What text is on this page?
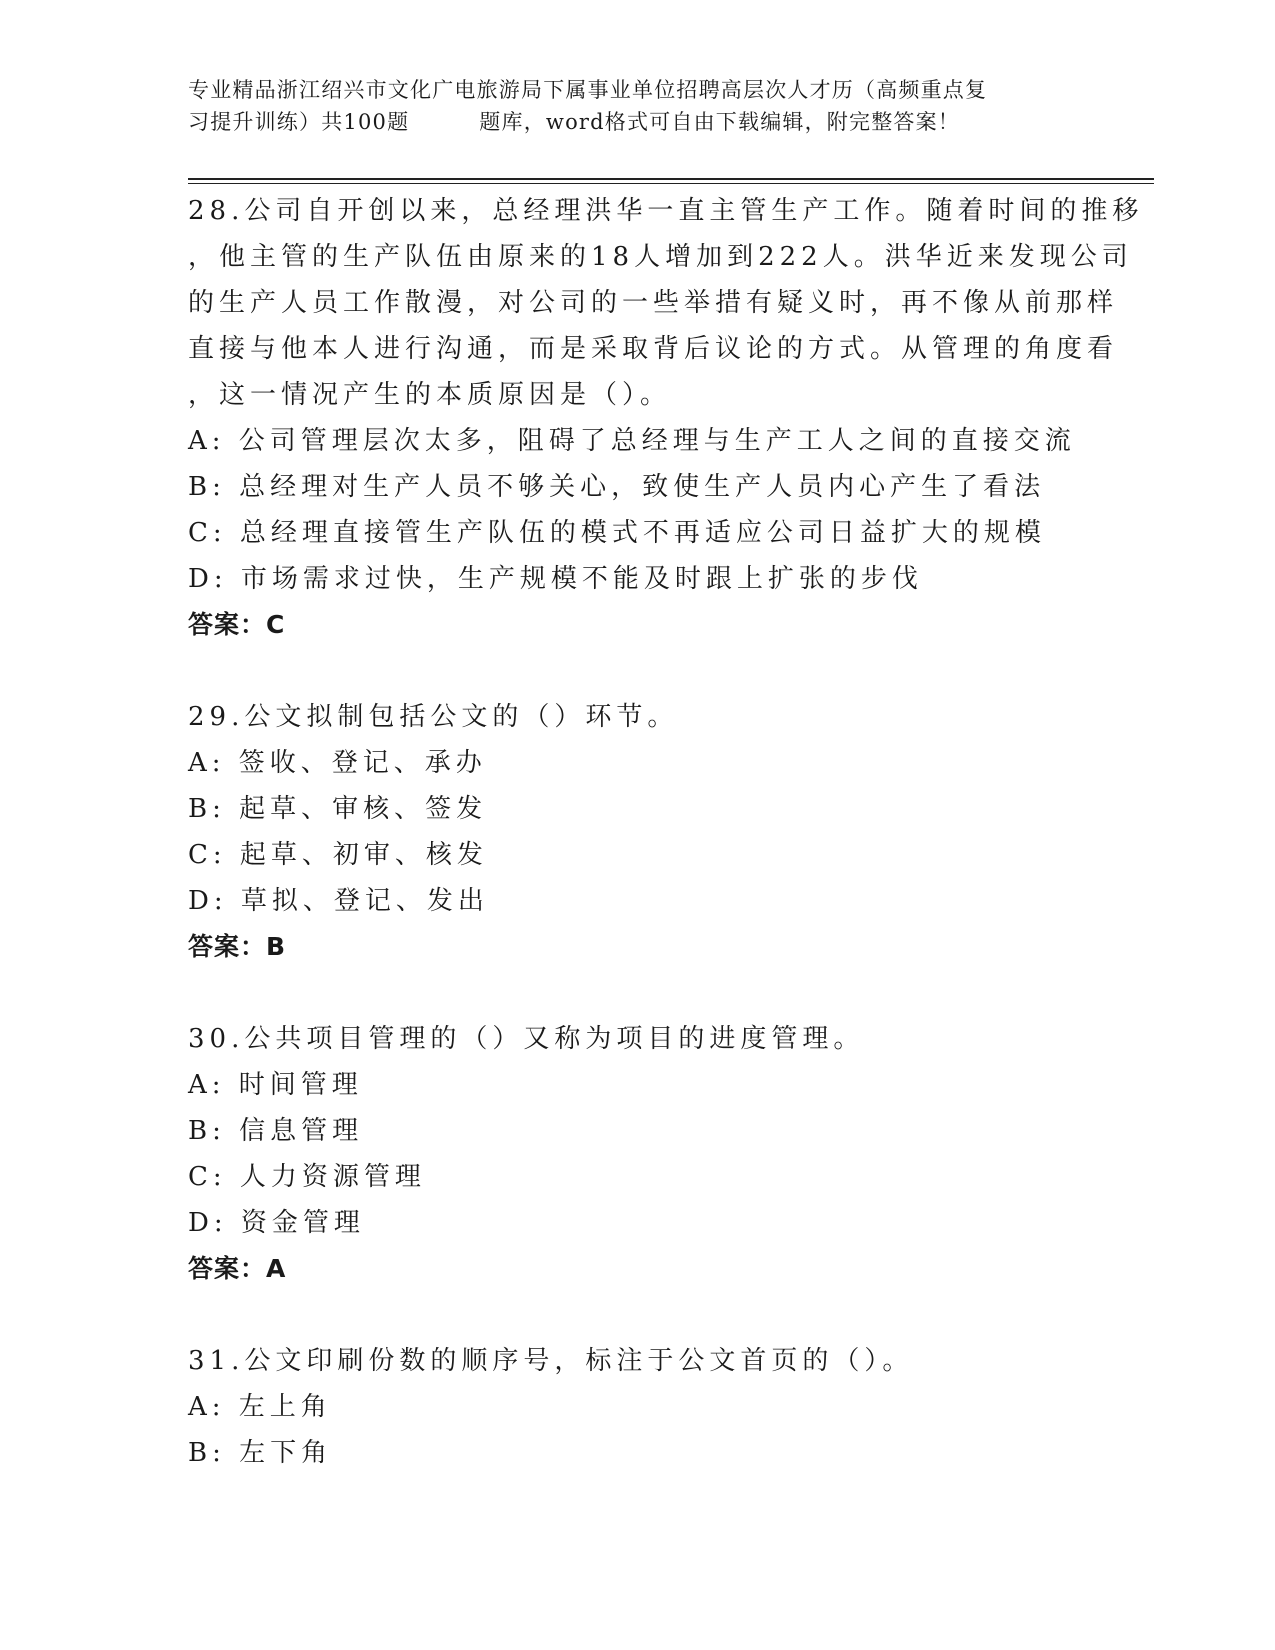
专业精品浙江绍兴市文化广电旅游局下属事业单位招聘高层次人才历（高频重点复
习提升训练）共100题	题库，word格式可自由下载编辑，附完整答案！
28.公司自开创以来，总经理洪华一直主管生产工作。随着时间的推移
，他主管的生产队伍由原来的18人增加到222人。洪华近来发现公司
的生产人员工作散漫，对公司的一些举措有疑义时，再不像从前那样
直接与他本人进行沟通，而是采取背后议论的方式。从管理的角度看
，这一情况产生的本质原因是（）。
A: 公司管理层次太多，阻碍了总经理与生产工人之间的直接交流
B: 总经理对生产人员不够关心，致使生产人员内心产生了看法
C: 总经理直接管生产队伍的模式不再适应公司日益扩大的规模
D: 市场需求过快，生产规模不能及时跟上扩张的步伐
答案：C
29.公文拟制包括公文的（）环节。
A: 签收、登记、承办
B: 起草、审核、签发
C: 起草、初审、核发
D: 草拟、登记、发出
答案：B
30.公共项目管理的（）又称为项目的进度管理。
A: 时间管理
B: 信息管理
C: 人力资源管理
D: 资金管理
答案：A
31.公文印刷份数的顺序号，标注于公文首页的（）。
A: 左上角
B: 左下角
